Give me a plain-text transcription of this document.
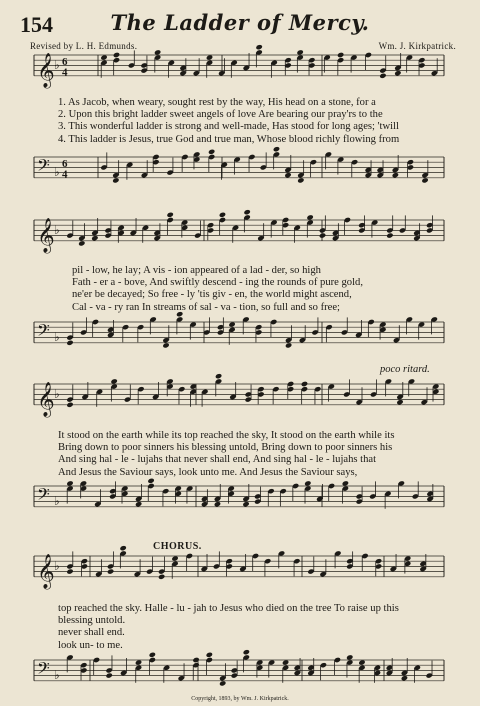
154	The Ladder of Mercy.
Revised by L. H. Edmunds.	Wm. J. Kirkpatrick.
𝄞 ♭ 6
4
1. As Jacob, when weary, sought rest by the way, His head on a stone, for a
2. Upon this bright ladder sweet angels of love Are bearing our pray'rs to the
3. This wonderful ladder is strong and well-made, Has stood for long ages; 'twill
4. This ladder is Jesus, true God and true man, Whose blood richly flowing from
𝄢 ♭
6
4
𝄞 ♭
pil - low, he lay; A vis - ion appeared of a lad - der, so high
Fath - er a - bove, And swiftly descend - ing the rounds of pure gold,
ne'er be decayed; So free - ly 'tis giv - en, the world might ascend,
Cal - va - ry ran In streams of sal - va - tion, so full and so free;
𝄢 ♭
poco ritard.
𝄞 ♭
It stood on the earth while its top reached the sky, It stood on the earth while its
Bring down to poor sinners his blessing untold, Bring down to poor sinners his
And sing hal - le - lujahs that never shall end, And sing hal - le - lujahs that
And Jesus the Saviour says, look unto me. And Jesus the Saviour says,
𝄢 ♭
CHORUS.
𝄞 ♭
top reached the sky. Halle - lu - jah to Jesus who died on the tree To raise up this
blessing untold.
never shall end.
look un- to me.
𝄢 ♭
Copyright, 1893, by Wm. J. Kirkpatrick.
